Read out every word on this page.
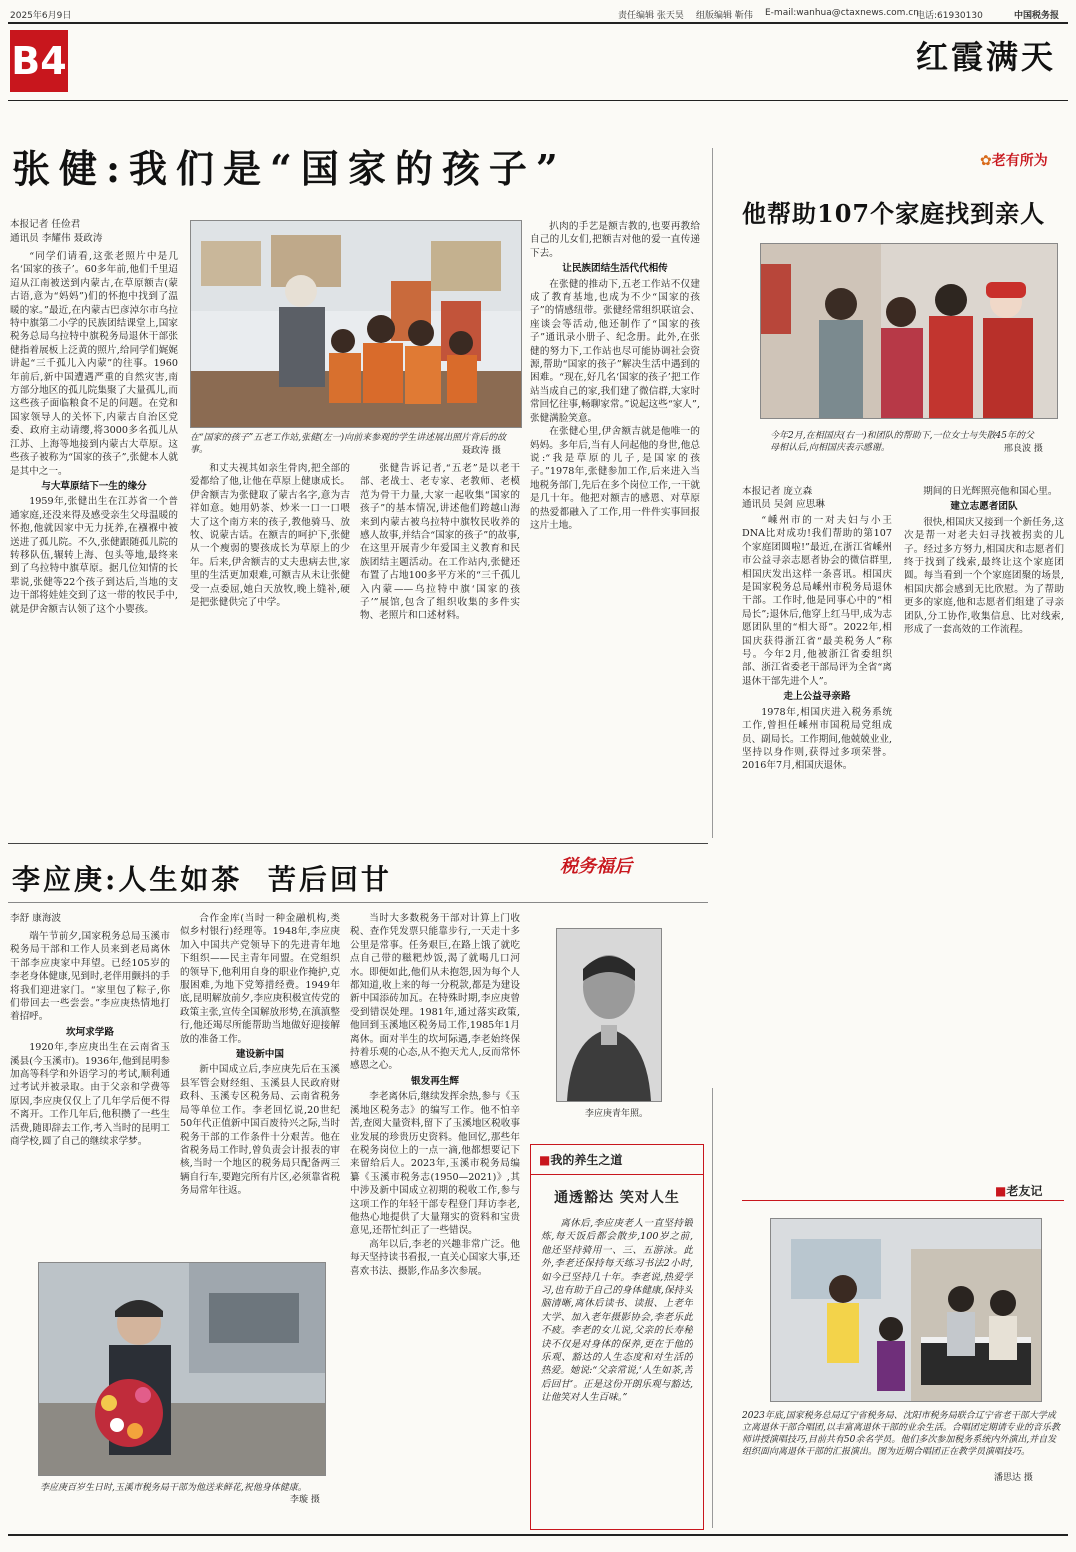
2025年6月9日	责任编辑 张天昊 组版编辑 靳伟 E-mail:wanhua@ctaxnews.com.cn
电话:61930130	中国税务报
B4	红霞满天
张健:我们是“国家的孩子”
本报记者 任俭君
通讯员 李耀伟 聂政涛

“同学们请看,这张老照片中是几名‘国家的孩子’。60多年前,他们千里迢迢从江南被送到内蒙古,在草原额吉(蒙古语,意为“妈妈”)们的怀抱中找到了温暖的家。”最近,在内蒙古巴彦淖尔市乌拉特中旗第二小学的民族团结课堂上,国家税务总局乌拉特中旗税务局退休干部张健指着展板上泛黄的照片,给同学们娓娓讲起“三千孤儿入内蒙”的往事。1960年前后,新中国遭遇严重的自然灾害,南方部分地区的孤儿院集聚了大量孤儿,而这些孩子面临粮食不足的问题。在党和国家领导人的关怀下,内蒙古自治区党委、政府主动请缨,将3000多名孤儿从江苏、上海等地接到内蒙古大草原。这些孩子被称为“国家的孩子”,张健本人就是其中之一。

与大草原结下一生的缘分

1959年,张健出生在江苏省一个普通家庭,还没来得及感受亲生父母温暖的怀抱,他就因家中无力抚养,在襁褓中被送进了孤儿院。不久,张健跟随孤儿院的转移队伍,辗转上海、包头等地,最终来到了乌拉特中旗草原。据几位知情的长辈说,张健等22个孩子到达后,当地的支边干部将娃娃交到了这一带的牧民手中,就是伊舍额吉认领了这个小婴孩。

在“国家的孩子”五老工作站,张健(左一)向前来参观的学生讲述展出照片背后的故事。	聂政涛 摄

和丈夫视其如亲生骨肉,把全部的爱都给了他,让他在草原上健康成长。伊舍额吉为张健取了蒙古名字,意为吉祥如意。她用奶茶、炒米一口一口喂大了这个南方来的孩子,教他骑马、放牧、说蒙古话。在额吉的呵护下,张健从一个瘦弱的婴孩成长为草原上的少年。后来,伊舍额吉的丈夫患病去世,家里的生活更加艰难,可额吉从未让张健受一点委屈,她白天放牧,晚上缝补,硬是把张健供完了中学。

张健告诉记者,“五老”是以老干部、老战士、老专家、老教师、老模范为骨干力量,大家一起收集“国家的孩子”的基本情况,讲述他们跨越山海来到内蒙古被乌拉特中旗牧民收养的感人故事,并结合“国家的孩子”的故事,在这里开展青少年爱国主义教育和民族团结主题活动。在工作站内,张健还布置了占地100多平方米的“三千孤儿入内蒙——乌拉特中旗‘国家的孩子’”展馆,包含了组织收集的多件实物、老照片和口述材料。

扒肉的手艺是额吉教的,也要再教给自己的儿女们,把额吉对他的爱一直传递下去。

让民族团结生活代代相传

在张健的推动下,五老工作站不仅建成了教育基地,也成为不少“国家的孩子”的情感纽带。张健经常组织联谊会、座谈会等活动,他还制作了“国家的孩子”通讯录小册子、纪念册。此外,在张健的努力下,工作站也尽可能协调社会资源,帮助“国家的孩子”解决生活中遇到的困难。“现在,好几名‘国家的孩子’把工作站当成自己的家,我们建了微信群,大家时常回忆往事,畅聊家常。”说起这些“家人”,张健满脸笑意。

在张健心里,伊舍额吉就是他唯一的妈妈。多年后,当有人问起他的身世,他总说:“我是草原的儿子,是国家的孩子。”1978年,张健参加工作,后来进入当地税务部门,先后在多个岗位工作,一干就是几十年。他把对额吉的感恩、对草原的热爱都融入了工作,用一件件实事回报这片土地。

✿老有所为
他帮助107个家庭找到亲人
今年2月,在相国庆(右一)和团队的帮助下,一位女士与失散45年的父母相认后,向相国庆表示感谢。	邢良波 摄
本报记者 庞立森
通讯员 吴剑 应思琳

“嵊州市的一对夫妇与小王DNA比对成功!我们帮助的第107个家庭团圆啦!”最近,在浙江省嵊州市公益寻亲志愿者协会的微信群里,相国庆发出这样一条喜讯。相国庆是国家税务总局嵊州市税务局退休干部。工作时,他是同事心中的“相局长”;退休后,他穿上红马甲,成为志愿团队里的“相大哥”。2022年,相国庆获得浙江省“最美税务人”称号。今年2月,他被浙江省委组织部、浙江省委老干部局评为全省“离退休干部先进个人”。

走上公益寻亲路

1978年,相国庆进入税务系统工作,曾担任嵊州市国税局党组成员、副局长。工作期间,他兢兢业业,坚持以身作则,获得过多项荣誉。2016年7月,相国庆退休。

期间的日光辉照亮他和国心里。

建立志愿者团队

很快,相国庆又接到一个新任务,这次是帮一对老夫妇寻找被拐卖的儿子。经过多方努力,相国庆和志愿者们终于找到了线索,最终让这个家庭团圆。每当看到一个个家庭团聚的场景,相国庆都会感到无比欣慰。为了帮助更多的家庭,他和志愿者们组建了寻亲团队,分工协作,收集信息、比对线索,形成了一套高效的工作流程。

李应庚:人生如茶  苦后回甘	税务福后
李舒 康海波

端午节前夕,国家税务总局玉溪市税务局干部和工作人员来到老局离休干部李应庚家中拜望。已经105岁的李老身体健康,见到时,老伴用颤抖的手将我们迎进家门。“家里包了粽子,你们带回去一些尝尝。”李应庚热情地打着招呼。

坎坷求学路

1920年,李应庚出生在云南省玉溪县(今玉溪市)。1936年,他到昆明参加高等科学和外语学习的考试,顺利通过考试并被录取。由于父亲和学费等原因,李应庚仅仅上了几年学后便不得不离开。工作几年后,他积攒了一些生活费,随即辞去工作,考入当时的昆明工商学校,圆了自己的继续求学梦。

合作金库(当时一种金融机构,类似乡村银行)经理等。1948年,李应庚加入中国共产党领导下的先进青年地下组织——民主青年同盟。在党组织的领导下,他利用自身的职业作掩护,克服困难,为地下党筹措经费。1949年底,昆明解放前夕,李应庚积极宣传党的政策主张,宣传全国解放形势,在滇滇整行,他还竭尽所能帮助当地做好迎接解放的准备工作。

建设新中国

新中国成立后,李应庚先后在玉溪县军管会财经组、玉溪县人民政府财政科、玉溪专区税务局、云南省税务局等单位工作。李老回忆说,20世纪50年代正值新中国百废待兴之际,当时税务干部的工作条件十分艰苦。他在省税务局工作时,曾负责会计报表的审核,当时一个地区的税务局只配备两三辆自行车,要跑完所有片区,必须靠省税务局常年往返。

当时大多数税务干部对计算上门收税、查作凭发票只能靠步行,一天走十多公里是常事。任务艰巨,在路上饿了就吃点自己带的糍粑炒饭,渴了就喝几口河水。即便如此,他们从未抱怨,因为每个人都知道,收上来的每一分税款,都是为建设新中国添砖加瓦。在特殊时期,李应庚曾受到错误处理。1981年,通过落实政策,他回到玉溪地区税务局工作,1985年1月离休。面对半生的坎坷际遇,李老始终保持着乐观的心态,从不抱天尤人,反而常怀感恩之心。

银发再生辉

李老离休后,继续发挥余热,参与《玉溪地区税务志》的编写工作。他不怕辛苦,查阅大量资料,留下了玉溪地区税收事业发展的珍贵历史资料。他回忆,那些年在税务岗位上的一点一滴,他都想要记下来留给后人。2023年,玉溪市税务局编纂《玉溪市税务志(1950—2021)》,其中涉及新中国成立初期的税收工作,参与这项工作的年轻干部专程登门拜访李老,他热心地提供了大量翔实的资料和宝贵意见,还帮忙纠正了一些错误。

高年以后,李老的兴趣非常广泛。他每天坚持读书看报,一直关心国家大事,还喜欢书法、摄影,作品多次参展。

李应庚青年照。
■我的养生之道
通透豁达 笑对人生

离休后,李应庚老人一直坚持锻炼,每天饭后都会散步,100岁之前,他还坚持骑用一、三、五游泳。此外,李老还保持每天练习书法2小时,如今已坚持几十年。李老说,热爱学习,也有助于自己的身体健康,保持头脑清晰,离休后读书、读报、上老年大学、加入老年摄影协会,李老乐此不疲。李老的女儿说,父亲的长寿秘诀不仅是对身体的保养,更在于他的乐观、豁达的人生态度和对生活的热爱。她说:“父亲常说,‘人生如茶,苦后回甘’。正是这份开朗乐观与豁达,让他笑对人生百味。”

李应庚百岁生日时,玉溪市税务局干部为他送来鲜花,祝他身体健康。
李璇 摄
■老友记
2023年底,国家税务总局辽宁省税务局、沈阳市税务局联合辽宁省老干部大学成立离退休干部合唱团,以丰富离退休干部的业余生活。合唱团定期请专业的音乐教师讲授演唱技巧,目前共有50余名学员。他们多次参加税务系统内外演出,并自发组织面向离退休干部的汇报演出。图为近期合唱团正在教学员演唱技巧。
潘思达 摄
